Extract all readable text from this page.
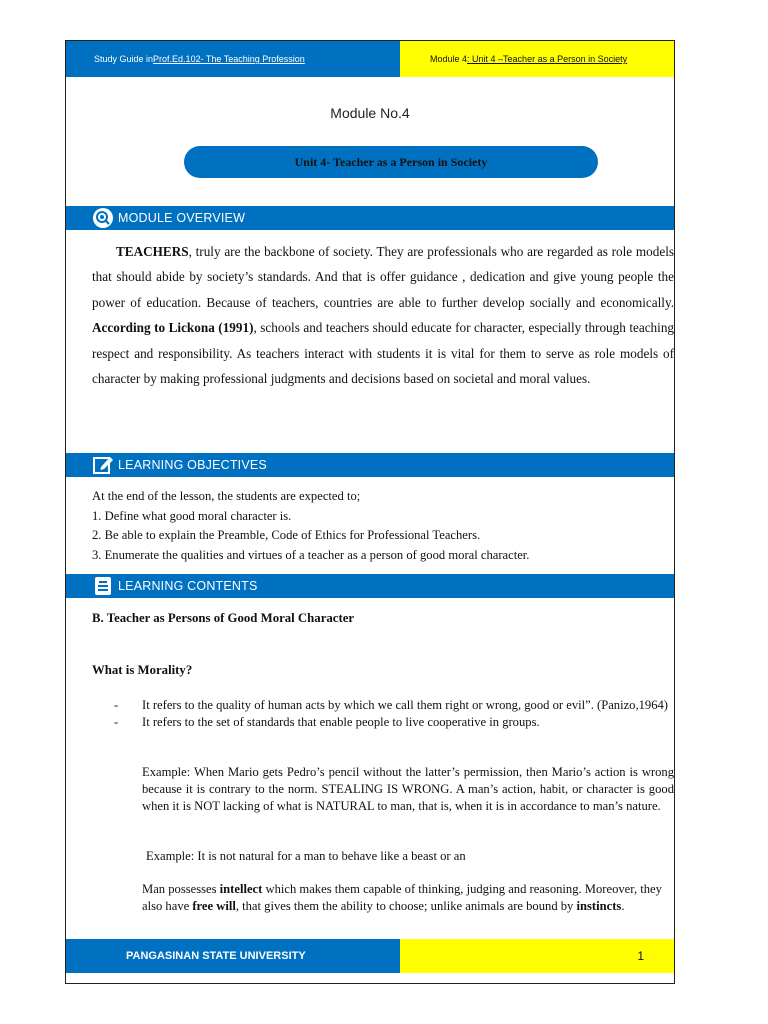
Study Guide in Prof.Ed.102- The Teaching Profession	Module 4 : Unit 4 –Teacher as a Person in Society
Module No.4
Unit 4- Teacher as a Person in Society
MODULE OVERVIEW
TEACHERS, truly are the backbone of society. They are professionals who are regarded as role models that should abide by society’s standards. And that is offer guidance , dedication and give young people the power of education. Because of teachers, countries are able to further develop socially and economically. According to Lickona (1991), schools and teachers should educate for character, especially through teaching respect and responsibility. As teachers interact with students it is vital for them to serve as role models of character by making professional judgments and decisions based on societal and moral values.
LEARNING OBJECTIVES
At the end of the lesson, the students are expected to;
1. Define what good moral character is.
2. Be able to explain the Preamble, Code of Ethics for Professional Teachers.
3. Enumerate the qualities and virtues of a teacher as a person of good moral character.
LEARNING CONTENTS
B. Teacher as Persons of Good Moral Character
What is Morality?
-	It refers to the quality of human acts by which we call them right or wrong, good or evil”. (Panizo,1964)
-	It refers to the set of standards that enable people to live cooperative in groups.
Example: When Mario gets Pedro’s pencil without the latter’s permission, then Mario’s action is wrong because it is contrary to the norm. STEALING IS WRONG. A man’s action, habit, or character is good when it is NOT lacking of what is NATURAL to man, that is, when it is in accordance to man’s nature.
Example: It is not natural for a man to behave like a beast or an
Man possesses intellect which makes them capable of thinking, judging and reasoning. Moreover, they also have free will, that gives them the ability to choose; unlike animals are bound by instincts.
PANGASINAN STATE UNIVERSITY	1
